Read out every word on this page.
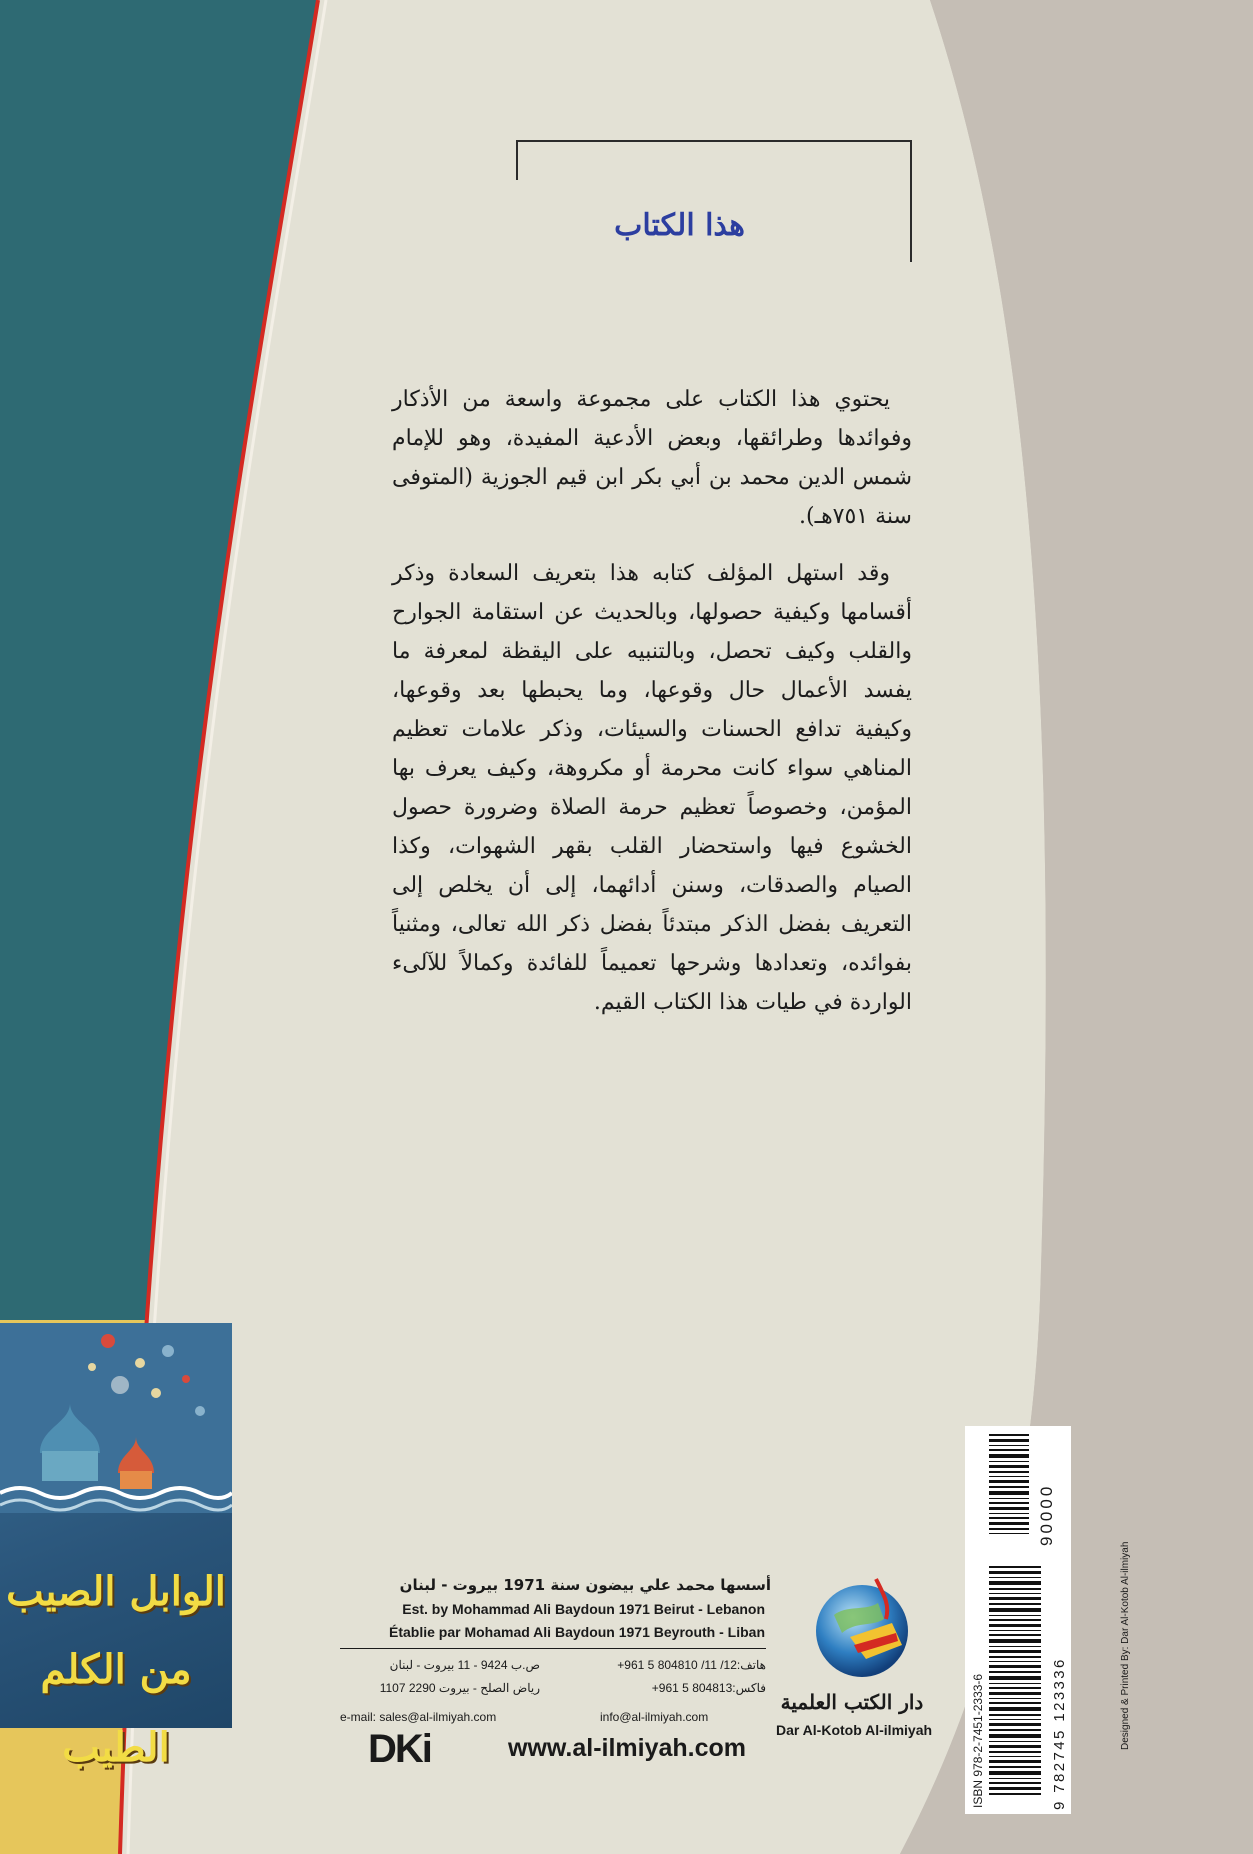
هذا الكتاب

يحتوي هذا الكتاب على مجموعة واسعة من الأذكار وفوائدها وطرائقها، وبعض الأدعية المفيدة، وهو للإمام شمس الدين محمد بن أبي بكر ابن قيم الجوزية (المتوفى سنة ٧٥١هـ).

وقد استهل المؤلف كتابه هذا بتعريف السعادة وذكر أقسامها وكيفية حصولها، وبالحديث عن استقامة الجوارح والقلب وكيف تحصل، وبالتنبيه على اليقظة لمعرفة ما يفسد الأعمال حال وقوعها، وما يحبطها بعد وقوعها، وكيفية تدافع الحسنات والسيئات، وذكر علامات تعظيم المناهي سواء كانت محرمة أو مكروهة، وكيف يعرف بها المؤمن، وخصوصاً تعظيم حرمة الصلاة وضرورة حصول الخشوع فيها واستحضار القلب بقهر الشهوات، وكذا الصيام والصدقات، وسنن أدائهما، إلى أن يخلص إلى التعريف بفضل الذكر مبتدئاً بفضل ذكر الله تعالى، ومثنياً بفوائده، وتعدادها وشرحها تعميماً للفائدة وكمالاً للآلىء الواردة في طيات هذا الكتاب القيم.

الوابل الصيب
من الكلم الطيب
أسسها محمد علي بيضون سنة 1971 بيروت - لبنان
Est. by Mohammad Ali Baydoun 1971 Beirut - Lebanon
Établie par Mohamad Ali Baydoun 1971 Beyrouth - Liban
هاتف:12/ 11/ 804810 5 961+
فاكس:804813 5 961+
ص.ب 9424 - 11 بيروت - لبنان
رياض الصلح - بيروت 2290 1107
e-mail: sales@al-ilmiyah.com	info@al-ilmiyah.com
DKi	www.al-ilmiyah.com
دار الكتب العلمية
Dar Al-Kotob Al-ilmiyah	ISBN 978-2-7451-2333-6	9 782745 123336
90000
Designed & Printed By: Dar Al-Kotob Al-ilmiyah
